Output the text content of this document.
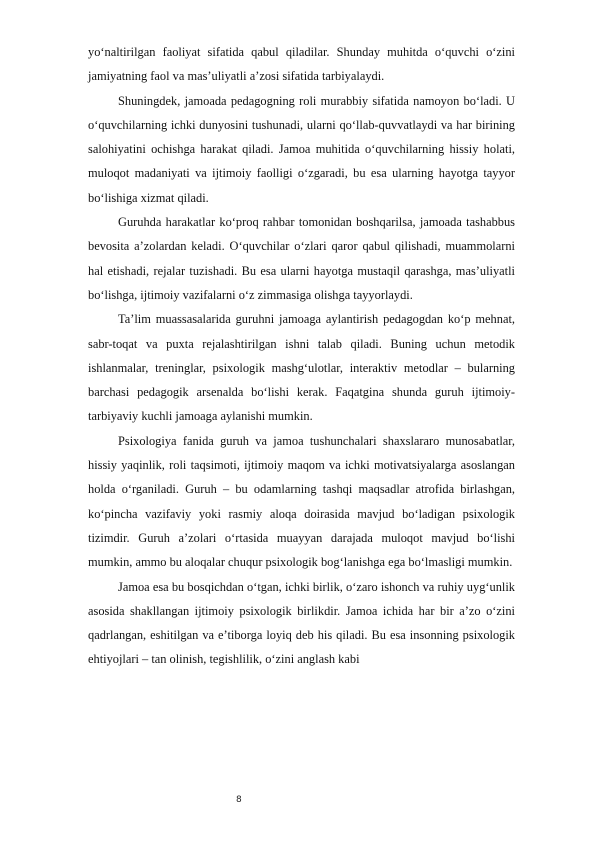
yo‘naltirilgan faoliyat sifatida qabul qiladilar. Shunday muhitda o‘quvchi o‘zini jamiyatning faol va mas’uliyatli a’zosi sifatida tarbiyalaydi.

Shuningdek, jamoada pedagogning roli murabbiy sifatida namoyon bo‘ladi. U o‘quvchilarning ichki dunyosini tushunadi, ularni qo‘llab-quvvatlaydi va har birining salohiyatini ochishga harakat qiladi. Jamoa muhitida o‘quvchilarning hissiy holati, muloqot madaniyati va ijtimoiy faolligi o‘zgaradi, bu esa ularning hayotga tayyor bo‘lishiga xizmat qiladi.

Guruhda harakatlar ko‘proq rahbar tomonidan boshqarilsa, jamoada tashabbus bevosita a’zolardan keladi. O‘quvchilar o‘zlari qaror qabul qilishadi, muammolarni hal etishadi, rejalar tuzishadi. Bu esa ularni hayotga mustaqil qarashga, mas’uliyatli bo‘lishga, ijtimoiy vazifalarni o‘z zimmasiga olishga tayyorlaydi.

Ta’lim muassasalarida guruhni jamoaga aylantirish pedagogdan ko‘p mehnat, sabr-toqat va puxta rejalashtirilgan ishni talab qiladi. Buning uchun metodik ishlanmalar, treninglar, psixologik mashg‘ulotlar, interaktiv metodlar – bularning barchasi pedagogik arsenalda bo‘lishi kerak. Faqatgina shunda guruh ijtimoiy-tarbiyaviy kuchli jamoaga aylanishi mumkin.

Psixologiya fanida guruh va jamoa tushunchalari shaxslararo munosabatlar, hissiy yaqinlik, roli taqsimoti, ijtimoiy maqom va ichki motivatsiyalarga asoslangan holda o‘rganiladi. Guruh – bu odamlarning tashqi maqsadlar atrofida birlashgan, ko‘pincha vazifaviy yoki rasmiy aloqa doirasida mavjud bo‘ladigan psixologik tizimdir. Guruh a’zolari o‘rtasida muayyan darajada muloqot mavjud bo‘lishi mumkin, ammo bu aloqalar chuqur psixologik bog‘lanishga ega bo‘lmasligi mumkin.

Jamoa esa bu bosqichdan o‘tgan, ichki birlik, o‘zaro ishonch va ruhiy uyg‘unlik asosida shakllangan ijtimoiy psixologik birlikdir. Jamoa ichida har bir a’zo o‘zini qadrlangan, eshitilgan va e’tiborga loyiq deb his qiladi. Bu esa insonning psixologik ehtiyojlari – tan olinish, tegishlilik, o‘zini anglash kabi

8
